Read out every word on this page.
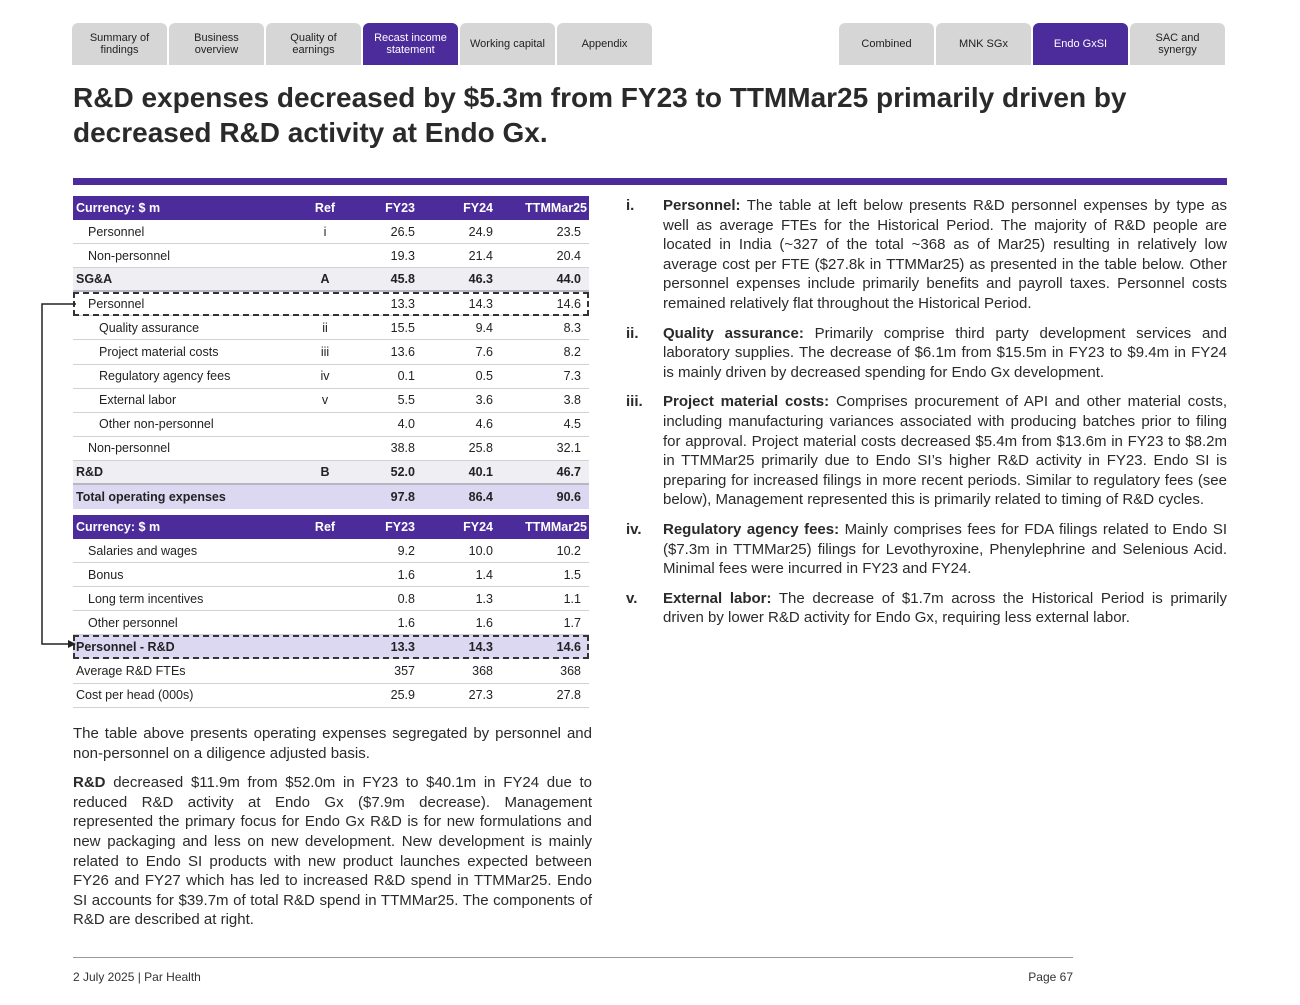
Summary of
findings
Business
overview
Quality of
earnings
Recast income
statement	Working capital	Appendix	Combined	MNK SGx	Endo GxSI	SAC and
synergy
R&D expenses decreased by $5.3m from FY23 to TTMMar25 primarily driven by decreased R&D activity at Endo Gx.
Currency: $ m	Ref	FY23	FY24	TTMMar25
Personnel	i	26.5	24.9	23.5
Non-personnel	19.3	21.4	20.4
SG&A	A	45.8	46.3	44.0
Personnel	13.3	14.3	14.6
Quality assurance	ii	15.5	9.4	8.3
Project material costs	iii	13.6	7.6	8.2
Regulatory agency fees	iv	0.1	0.5	7.3
External labor	v	5.5	3.6	3.8
Other non-personnel	4.0	4.6	4.5
Non-personnel	38.8	25.8	32.1
R&D	B	52.0	40.1	46.7
Total operating expenses	97.8	86.4	90.6
Currency: $ m	Ref	FY23	FY24	TTMMar25
Salaries and wages	9.2	10.0	10.2
Bonus	1.6	1.4	1.5
Long term incentives	0.8	1.3	1.1
Other personnel	1.6	1.6	1.7
Personnel - R&D	13.3	14.3	14.6
Average R&D FTEs	357	368	368
Cost per head (000s)	25.9	27.3	27.8

The table above presents operating expenses segregated by personnel and non-personnel on a diligence adjusted basis.

R&D decreased $11.9m from $52.0m in FY23 to $40.1m in FY24 due to reduced R&D activity at Endo Gx ($7.9m decrease). Management represented the primary focus for Endo Gx R&D is for new formulations and new packaging and less on new development. New development is mainly related to Endo SI products with new product launches expected between FY26 and FY27 which has led to increased R&D spend in TTMMar25. Endo SI accounts for $39.7m of total R&D spend in TTMMar25. The components of R&D are described at right.

i.	Personnel: The table at left below presents R&D personnel expenses by type as well as average FTEs for the Historical Period. The majority of R&D people are located in India (~327 of the total ~368 as of Mar25) resulting in relatively low average cost per FTE ($27.8k in TTMMar25) as presented in the table below. Other personnel expenses include primarily benefits and payroll taxes. Personnel costs remained relatively flat throughout the Historical Period.
ii.	Quality assurance: Primarily comprise third party development services and laboratory supplies. The decrease of $6.1m from $15.5m in FY23 to $9.4m in FY24 is mainly driven by decreased spending for Endo Gx development.
iii.	Project material costs: Comprises procurement of API and other material costs, including manufacturing variances associated with producing batches prior to filing for approval. Project material costs decreased $5.4m from $13.6m in FY23 to $8.2m in TTMMar25 primarily due to Endo SI’s higher R&D activity in FY23. Endo SI is preparing for increased filings in more recent periods. Similar to regulatory fees (see below), Management represented this is primarily related to timing of R&D cycles.
iv.	Regulatory agency fees: Mainly comprises fees for FDA filings related to Endo SI ($7.3m in TTMMar25) filings for Levothyroxine, Phenylephrine and Selenious Acid. Minimal fees were incurred in FY23 and FY24.
v.	External labor: The decrease of $1.7m across the Historical Period is primarily driven by lower R&D activity for Endo Gx, requiring less external labor.
2 July 2025 | Par Health	Page 67
